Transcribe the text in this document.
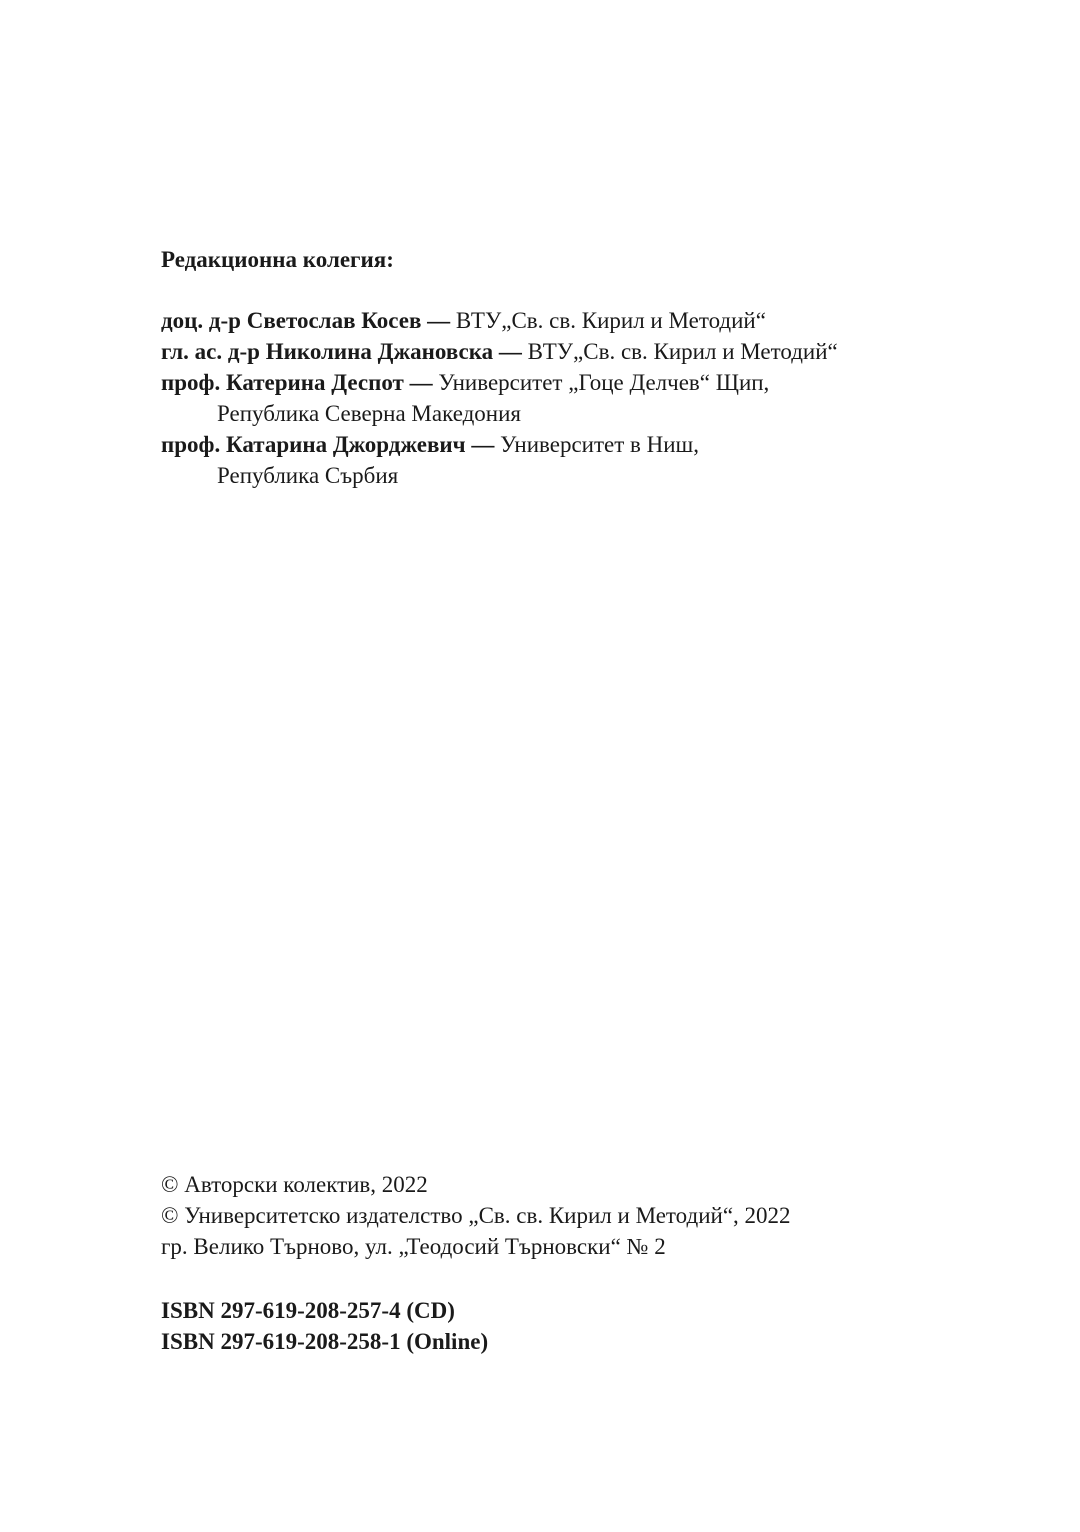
Редакционна колегия:
доц. д-р Светослав Косев — ВТУ„Св. св. Кирил и Методий“
гл. ас. д-р Николина Джановска — ВТУ„Св. св. Кирил и Методий“
проф. Катерина Деспот — Университет „Гоце Делчев“ Щип,
Република Северна Македония
проф. Катарина Джорджевич — Университет в Ниш,
Република Сърбия
© Авторски колектив, 2022
© Университетско издателство „Св. св. Кирил и Методий“, 2022
гр. Велико Търново, ул. „Теодосий Търновски“ № 2
ISBN 297-619-208-257-4 (CD)
ISBN 297-619-208-258-1 (Online)
